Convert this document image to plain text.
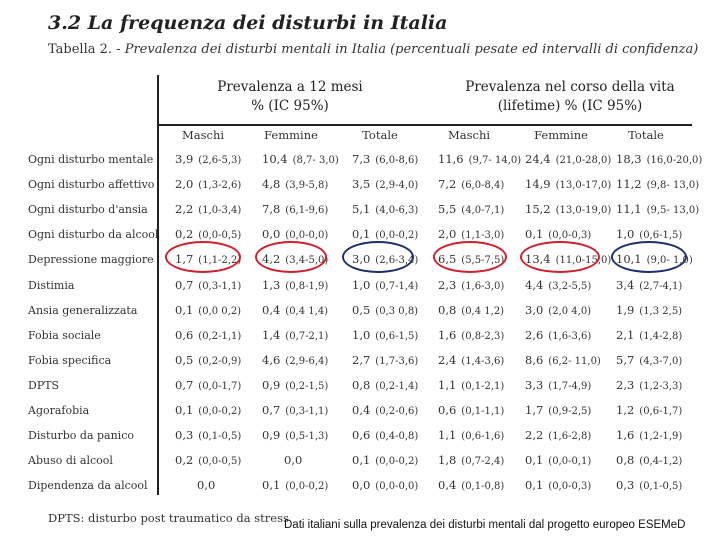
3.2 La frequenza dei disturbi in Italia
Tabella 2. - Prevalenza dei disturbi mentali in Italia (percentuali pesate ed intervalli di confidenza)
Prevalenza a 12 mesi
% (IC 95%)
Prevalenza nel corso della vita
(lifetime) % (IC 95%)
Maschi	Femmine	Totale	Maschi	Femmine	Totale
Ogni disturbo mentale 3,9 (2,6-5,3) 10,4 (8,7- 3,0) 7,3 (6,0-8,6) 11,6 (9,7- 14,0) 24,4 (21,0-28,0) 18,3 (16,0-20,0)
Ogni disturbo affettivo 2,0 (1,3-2,6) 4,8 (3,9-5,8) 3,5 (2,9-4,0) 7,2 (6,0-8,4) 14,9 (13,0-17,0) 11,2 (9,8- 13,0)
Ogni disturbo d'ansia 2,2 (1,0-3,4) 7,8 (6,1-9,6) 5,1 (4,0-6,3) 5,5 (4,0-7,1) 15,2 (13,0-19,0) 11,1 (9,5- 13,0)
Ogni disturbo da alcool 0,2 (0,0-0,5) 0,0 (0,0-0,0) 0,1 (0,0-0,2) 2,0 (1,1-3,0) 0,1 (0,0-0,3) 1,0 (0,6-1,5)
Depressione maggiore 1,7 (1,1-2,2) 4,2 (3,4-5,0) 3,0 (2,6-3,4) 6,5 (5,5-7,5) 13,4 (11,0-15,0) 10,1 (9,0- 1,0)
Distimia	0,7 (0,3-1,1) 1,3 (0,8-1,9) 1,0 (0,7-1,4) 2,3 (1,6-3,0) 4,4 (3,2-5,5) 3,4 (2,7-4,1)
Ansia generalizzata	0,1 (0,0 0,2) 0,4 (0,4 1,4) 0,5 (0,3 0,8) 0,8 (0,4 1,2) 3,0 (2,0 4,0) 1,9 (1,3 2,5)
Fobia sociale	0,6 (0,2-1,1) 1,4 (0,7-2,1) 1,0 (0,6-1,5) 1,6 (0,8-2,3) 2,6 (1,6-3,6) 2,1 (1,4-2,8)
Fobia specifica	0,5 (0,2-0,9) 4,6 (2,9-6,4) 2,7 (1,7-3,6) 2,4 (1,4-3,6) 8,6 (6,2- 11,0) 5,7 (4,3-7,0)
DPTS	0,7 (0,0-1,7) 0,9 (0,2-1,5) 0,8 (0,2-1,4) 1,1 (0,1-2,1) 3,3 (1,7-4,9) 2,3 (1,2-3,3)
Agorafobia	0,1 (0,0-0,2) 0,7 (0,3-1,1) 0,4 (0,2-0,6) 0,6 (0,1-1,1) 1,7 (0,9-2,5) 1,2 (0,6-1,7)
Disturbo da panico	0,3 (0,1-0,5) 0,9 (0,5-1,3) 0,6 (0,4-0,8) 1,1 (0,6-1,6) 2,2 (1,6-2,8) 1,6 (1,2-1,9)
Abuso di alcool	0,2 (0,0-0,5)	0,0	0,1 (0,0-0,2) 1,8 (0,7-2,4) 0,1 (0,0-0,1) 0,8 (0,4-1,2)
Dipendenza da alcool	0,0	0,1 (0,0-0,2) 0,0 (0,0-0,0) 0,4 (0,1-0,8) 0,1 (0,0-0,3) 0,3 (0,1-0,5)
DPTS: disturbo post traumatico da stress
Dati italiani sulla prevalenza dei disturbi mentali dal progetto europeo ESEMeD
